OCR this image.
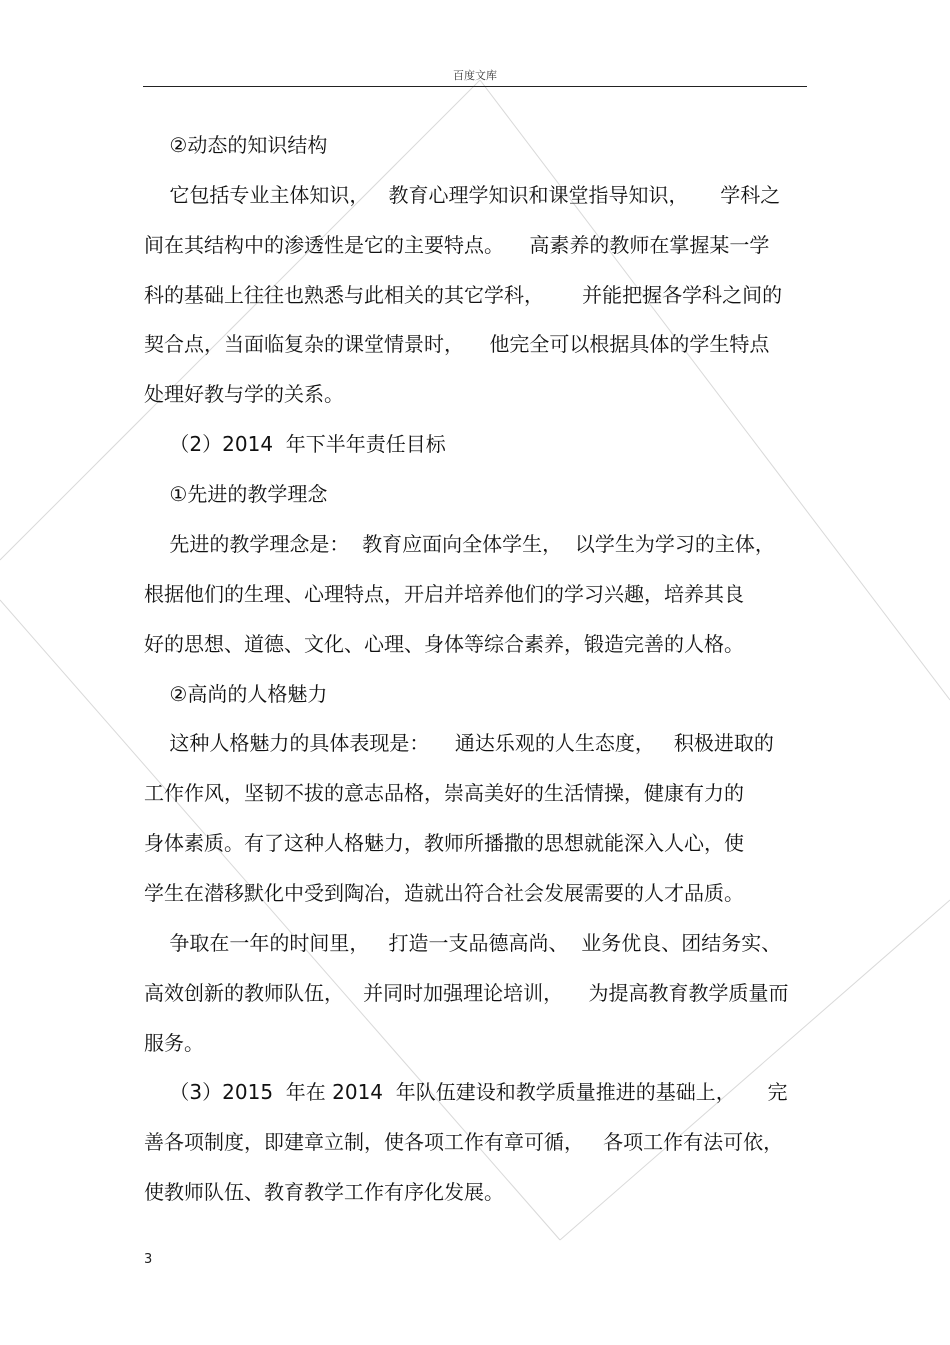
百度文库
②动态的知识结构
它包括专业主体知识，   教育心理学知识和课堂指导知识，     学科之
间在其结构中的渗透性是它的主要特点。    高素养的教师在掌握某一学
科的基础上往往也熟悉与此相关的其它学科，      并能把握各学科之间的
契合点，当面临复杂的课堂情景时，    他完全可以根据具体的学生特点
处理好教与学的关系。
（2）2014  年下半年责任目标
①先进的教学理念
先进的教学理念是：  教育应面向全体学生，  以学生为学习的主体，
根据他们的生理、心理特点，开启并培养他们的学习兴趣，培养其良
好的思想、道德、文化、心理、身体等综合素养，锻造完善的人格。
②高尚的人格魅力
这种人格魅力的具体表现是：    通达乐观的人生态度，   积极进取的
工作作风，坚韧不拔的意志品格，崇高美好的生活情操，健康有力的
身体素质。有了这种人格魅力，教师所播撒的思想就能深入人心，使
学生在潜移默化中受到陶冶，造就出符合社会发展需要的人才品质。
争取在一年的时间里，   打造一支品德高尚、  业务优良、团结务实、
高效创新的教师队伍，   并同时加强理论培训，    为提高教育教学质量而
服务。
（3）2015  年在 2014  年队伍建设和教学质量推进的基础上，     完
善各项制度，即建章立制，使各项工作有章可循，   各项工作有法可依，
使教师队伍、教育教学工作有序化发展。
3
